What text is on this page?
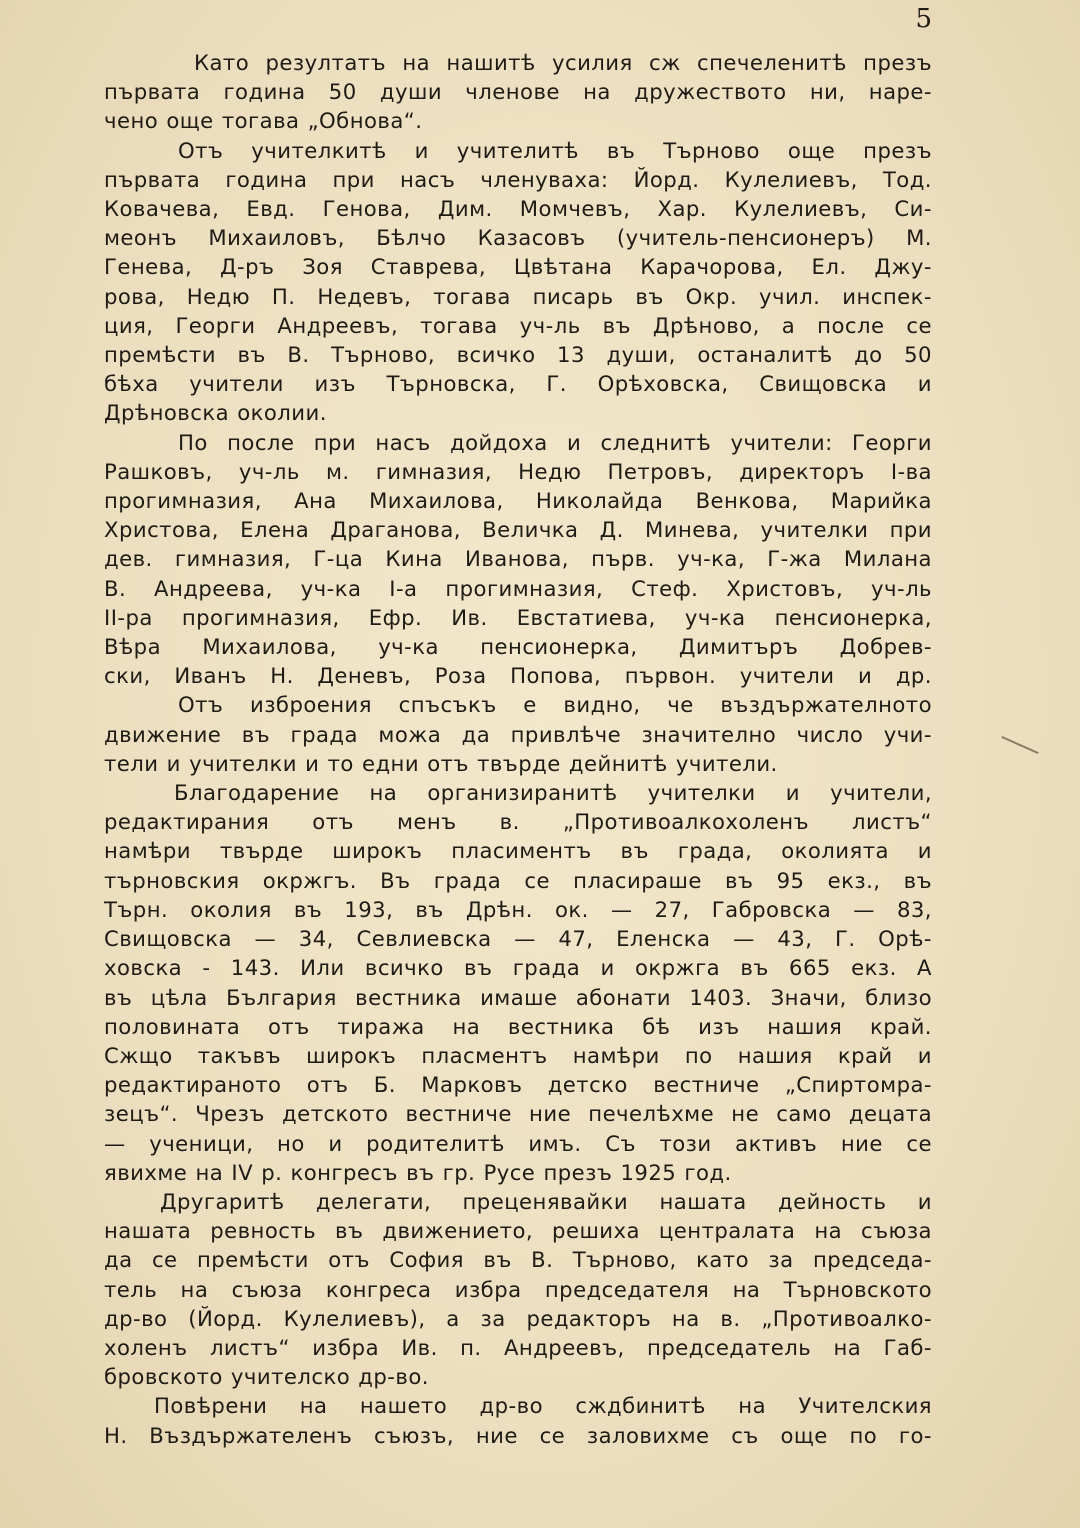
5

Като резултатъ на нашитѣ усилия сж спечеленитѣ презъ

първата година 50 души членове на дружеството ни, наре-

чено още тогава „Обнова“.

Отъ учителкитѣ и учителитѣ въ Търново още презъ

първата година при насъ членуваха: Йорд. Кулелиевъ, Тод.

Ковачева, Евд. Генова, Дим. Момчевъ, Хар. Кулелиевъ, Си-

меонъ Михаиловъ, Бѣлчо Казасовъ (учитель-пенсионеръ) М.

Генева, Д-ръ Зоя Ставрева, Цвѣтана Карачорова, Ел. Джу-

рова, Недю П. Недевъ, тогава писарь въ Окр. учил. инспек-

ция, Георги Андреевъ, тогава уч-ль въ Дрѣново, а после се

премѣсти въ В. Търново, всичко 13 души, останалитѣ до 50

бѣха учители изъ Търновска, Г. Орѣховска, Свищовска и

Дрѣновска околии.

По после при насъ дойдоха и следнитѣ учители: Георги

Рашковъ, уч-ль м. гимназия, Недю Петровъ, директоръ I-ва

прогимназия, Ана Михаилова, Николайда Венкова, Марийка

Христова, Елена Драганова, Величка Д. Минева, учителки при

дев. гимназия, Г-ца Кина Иванова, първ. уч-ка, Г-жа Милана

В. Андреева, уч-ка I-а прогимназия, Стеф. Христовъ, уч-ль

II-ра прогимназия, Ефр. Ив. Евстатиева, уч-ка пенсионерка,

Вѣра Михаилова, уч-ка пенсионерка, Димитъръ Добрев-

ски, Иванъ Н. Деневъ, Роза Попова, първон. учители и др.

Отъ изброения спъсъкъ е видно, че въздържателното

движение въ града можа да привлѣче значително число учи-

тели и учителки и то едни отъ твърде дейнитѣ учители.

Благодарение на организиранитѣ учителки и учители,

редактирания отъ менъ в. „Противоалкохоленъ листъ“

намѣри твърде широкъ пласиментъ въ града, околията и

търновския окржгъ. Въ града се пласираше въ 95 екз., въ

Търн. околия въ 193, въ Дрѣн. ок. — 27, Габровска — 83,

Свищовска — 34, Севлиевска — 47, Еленска — 43, Г. Орѣ-

ховска - 143. Или всичко въ града и окржга въ 665 екз. А

въ цѣла България вестника имаше абонати 1403. Значи, близо

половината отъ тиража на вестника бѣ изъ нашия край.

Сжщо такъвъ широкъ пласментъ намѣри по нашия край и

редактираното отъ Б. Марковъ детско вестниче „Спиртомра-

зецъ“. Чрезъ детското вестниче ние печелѣхме не само децата

— ученици, но и родителитѣ имъ. Съ този активъ ние се

явихме на IV р. конгресъ въ гр. Русе презъ 1925 год.

Другаритѣ делегати, преценявайки нашата дейность и

нашата ревность въ движението, решиха централата на съюза

да се премѣсти отъ София въ В. Търново, като за председа-

тель на съюза конгреса избра председателя на Търновското

др-во (Йорд. Кулелиевъ), а за редакторъ на в. „Противоалко-

холенъ листъ“ избра Ив. п. Андреевъ, председатель на Габ-

бровското учителско др-во.

Повѣрени на нашето др-во сждбинитѣ на Учителския

Н. Въздържателенъ съюзъ, ние се заловихме съ още по го-
